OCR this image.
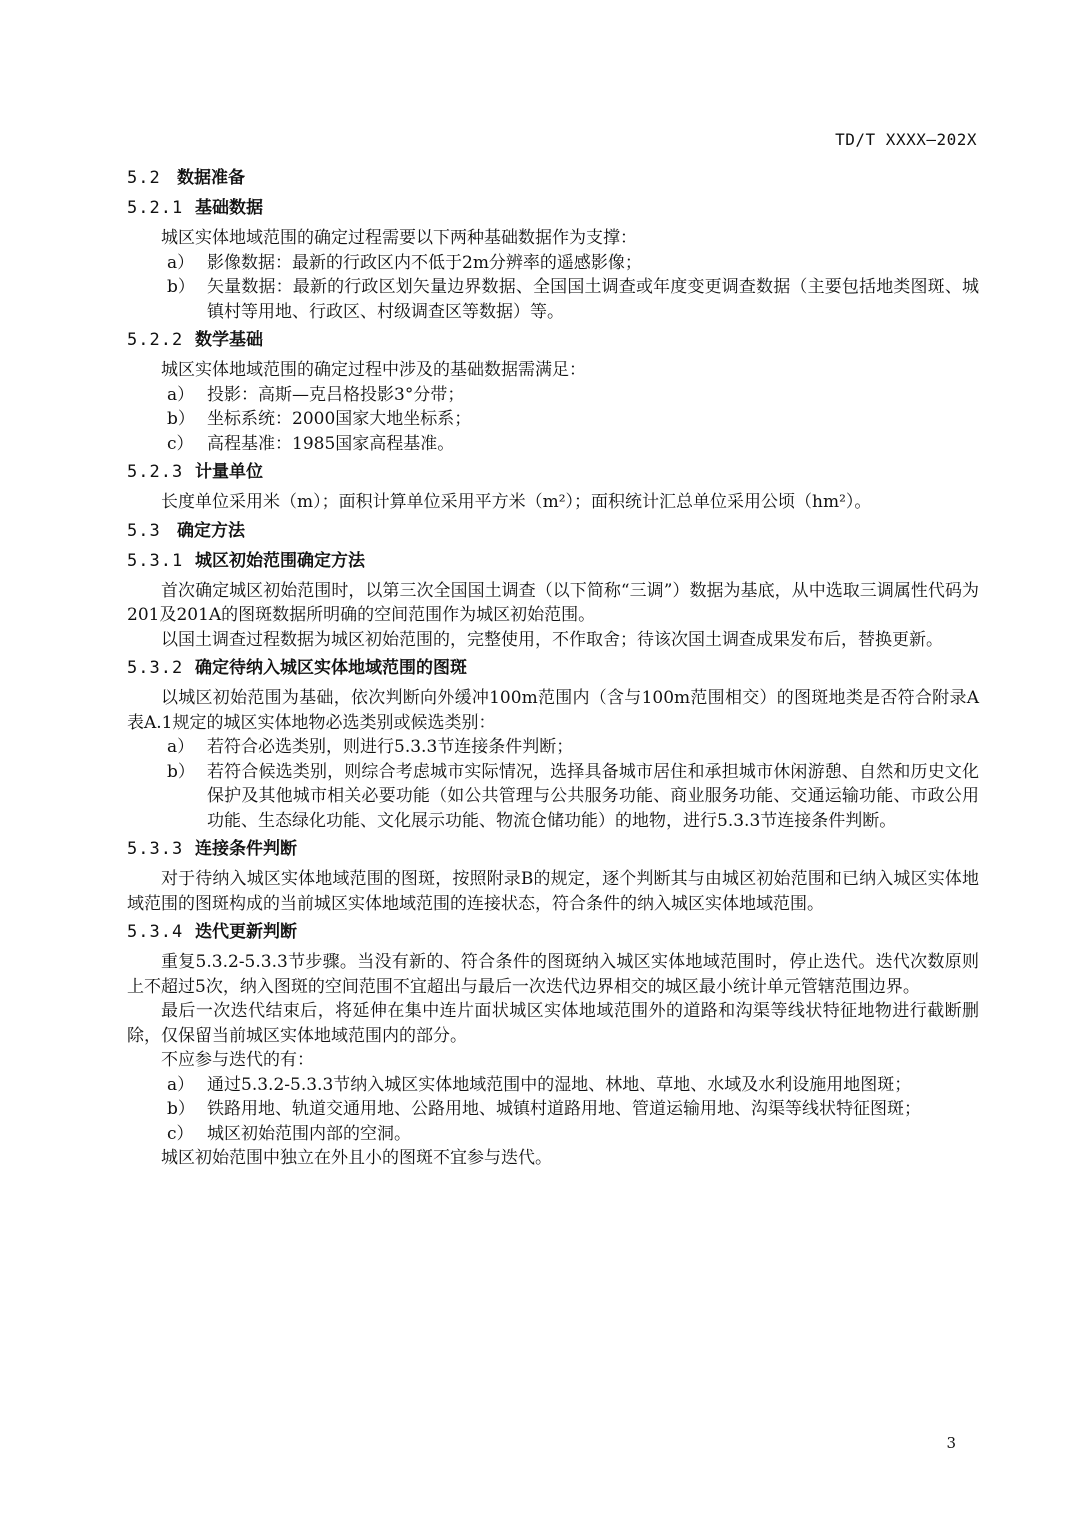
TD/T XXXX—202X
5.2 数据准备
5.2.1 基础数据

城区实体地域范围的确定过程需要以下两种基础数据作为支撑：

a） 影像数据：最新的行政区内不低于2m分辨率的遥感影像；
b） 矢量数据：最新的行政区划矢量边界数据、全国国土调查或年度变更调查数据（主要包括地类图斑、城镇村等用地、行政区、村级调查区等数据）等。
5.2.2 数学基础

城区实体地域范围的确定过程中涉及的基础数据需满足：

a） 投影：高斯—克吕格投影3°分带；
b） 坐标系统：2000国家大地坐标系；
c） 高程基准：1985国家高程基准。
5.2.3 计量单位

长度单位采用米（m）；面积计算单位采用平方米（m²）；面积统计汇总单位采用公顷（hm²）。

5.3 确定方法
5.3.1 城区初始范围确定方法

首次确定城区初始范围时，以第三次全国国土调查（以下简称“三调”）数据为基底，从中选取三调属性代码为201及201A的图斑数据所明确的空间范围作为城区初始范围。

以国土调查过程数据为城区初始范围的，完整使用，不作取舍；待该次国土调查成果发布后，替换更新。

5.3.2 确定待纳入城区实体地域范围的图斑

以城区初始范围为基础，依次判断向外缓冲100m范围内（含与100m范围相交）的图斑地类是否符合附录A表A.1规定的城区实体地物必选类别或候选类别：

a） 若符合必选类别，则进行5.3.3节连接条件判断；
b） 若符合候选类别，则综合考虑城市实际情况，选择具备城市居住和承担城市休闲游憩、自然和历史文化保护及其他城市相关必要功能（如公共管理与公共服务功能、商业服务功能、交通运输功能、市政公用功能、生态绿化功能、文化展示功能、物流仓储功能）的地物，进行5.3.3节连接条件判断。
5.3.3 连接条件判断

对于待纳入城区实体地域范围的图斑，按照附录B的规定，逐个判断其与由城区初始范围和已纳入城区实体地域范围的图斑构成的当前城区实体地域范围的连接状态，符合条件的纳入城区实体地域范围。

5.3.4 迭代更新判断

重复5.3.2-5.3.3节步骤。当没有新的、符合条件的图斑纳入城区实体地域范围时，停止迭代。迭代次数原则上不超过5次，纳入图斑的空间范围不宜超出与最后一次迭代边界相交的城区最小统计单元管辖范围边界。

最后一次迭代结束后，将延伸在集中连片面状城区实体地域范围外的道路和沟渠等线状特征地物进行截断删除，仅保留当前城区实体地域范围内的部分。

不应参与迭代的有：

a） 通过5.3.2-5.3.3节纳入城区实体地域范围中的湿地、林地、草地、水域及水利设施用地图斑；
b） 铁路用地、轨道交通用地、公路用地、城镇村道路用地、管道运输用地、沟渠等线状特征图斑；
c） 城区初始范围内部的空洞。

城区初始范围中独立在外且小的图斑不宜参与迭代。

3
